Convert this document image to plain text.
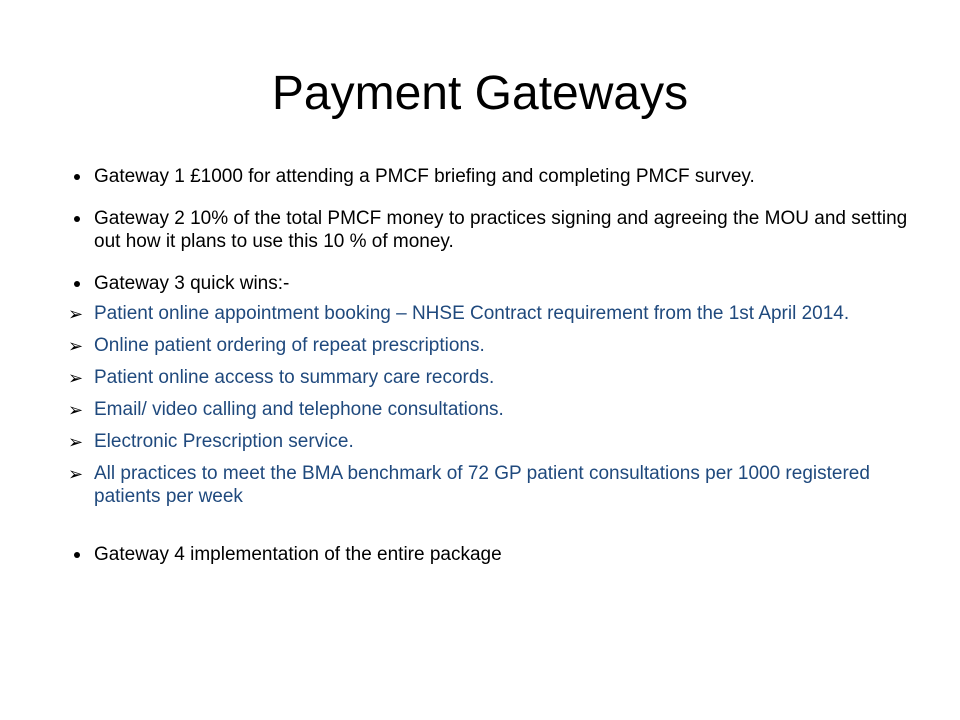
Payment Gateways
Gateway 1 £1000 for attending a PMCF briefing and completing PMCF survey.
Gateway 2 10% of the total PMCF money to practices signing and agreeing the MOU and setting out how it plans to use this 10 % of money.
Gateway 3 quick wins:-
➢ Patient online appointment booking – NHSE Contract requirement from the 1st April 2014.
➢ Online patient ordering of repeat prescriptions.
➢ Patient online access to summary care records.
➢ Email/ video calling and telephone consultations.
➢ Electronic Prescription service.
➢ All practices to meet the BMA benchmark of 72 GP patient consultations per 1000 registered patients per week
Gateway 4 implementation of the entire package
